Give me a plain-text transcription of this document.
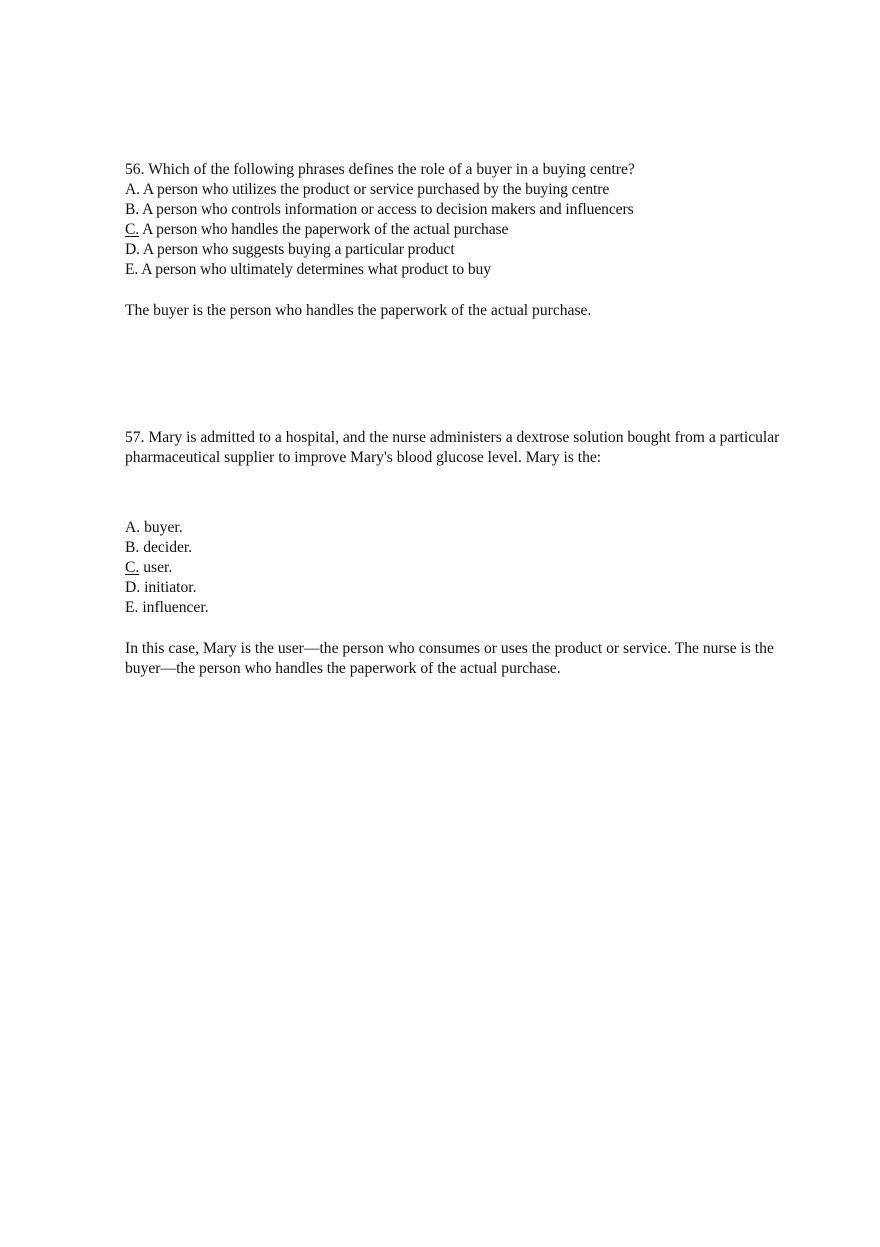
56. Which of the following phrases defines the role of a buyer in a buying centre?
A. A person who utilizes the product or service purchased by the buying centre
B. A person who controls information or access to decision makers and influencers
C. A person who handles the paperwork of the actual purchase
D. A person who suggests buying a particular product
E. A person who ultimately determines what product to buy
The buyer is the person who handles the paperwork of the actual purchase.
57. Mary is admitted to a hospital, and the nurse administers a dextrose solution bought from a particular pharmaceutical supplier to improve Mary's blood glucose level. Mary is the:
A. buyer.
B. decider.
C. user.
D. initiator.
E. influencer.
In this case, Mary is the user—the person who consumes or uses the product or service. The nurse is the buyer—the person who handles the paperwork of the actual purchase.
